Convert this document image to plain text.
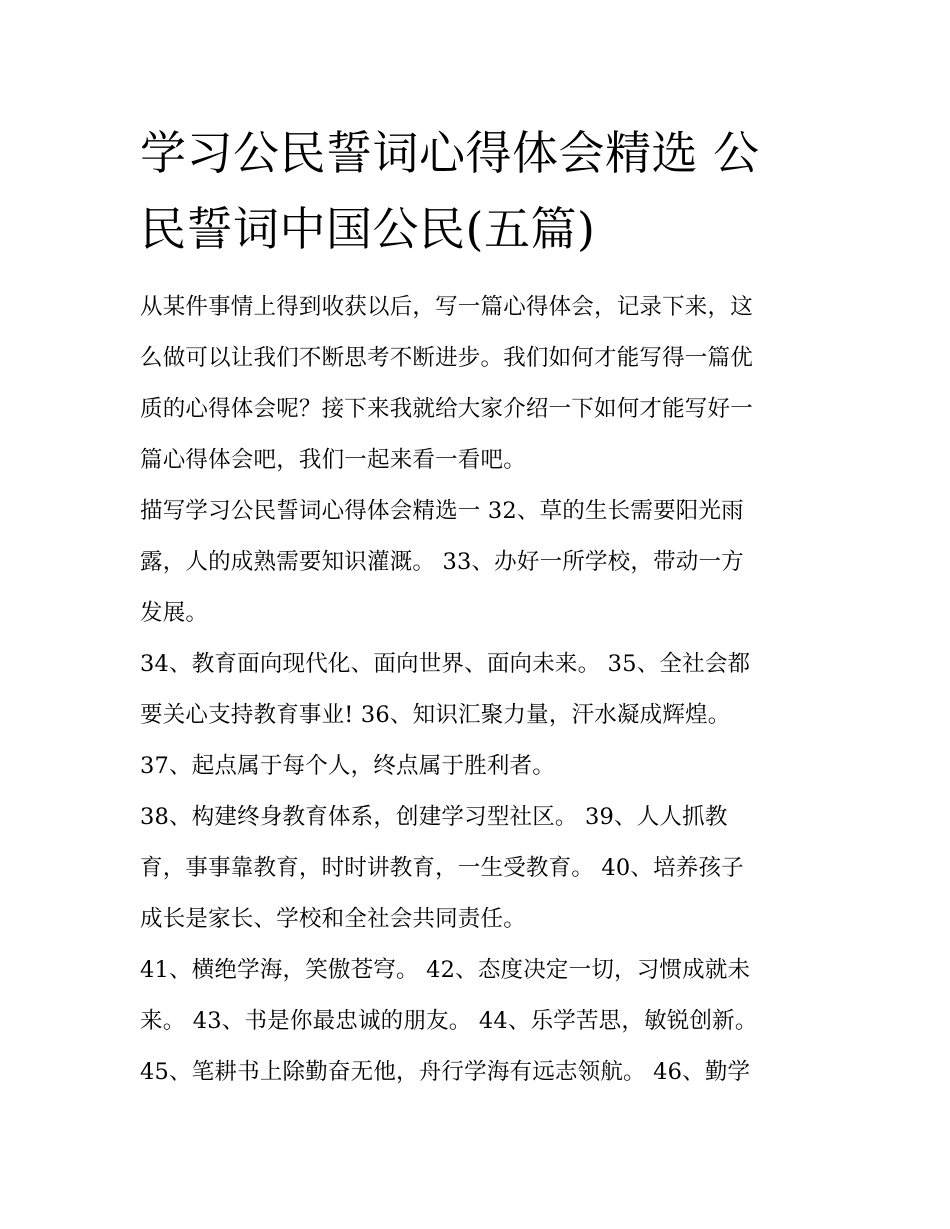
学习公民誓词心得体会精选 公
民誓词中国公民(五篇)

从某件事情上得到收获以后，写一篇心得体会，记录下来，这
么做可以让我们不断思考不断进步。我们如何才能写得一篇优
质的心得体会呢？接下来我就给大家介绍一下如何才能写好一
篇心得体会吧，我们一起来看一看吧。

描写学习公民誓词心得体会精选一 32、草的生长需要阳光雨
露，人的成熟需要知识灌溉。 33、办好一所学校，带动一方
发展。

34、教育面向现代化、面向世界、面向未来。 35、全社会都
要关心支持教育事业! 36、知识汇聚力量，汗水凝成辉煌。

37、起点属于每个人，终点属于胜利者。

38、构建终身教育体系，创建学习型社区。 39、人人抓教
育，事事靠教育，时时讲教育，一生受教育。 40、培养孩子
成长是家长、学校和全社会共同责任。

41、横绝学海，笑傲苍穹。 42、态度决定一切，习惯成就未
来。 43、书是你最忠诚的朋友。 44、乐学苦思，敏锐创新。

45、笔耕书上除勤奋无他，舟行学海有远志领航。 46、勤学
